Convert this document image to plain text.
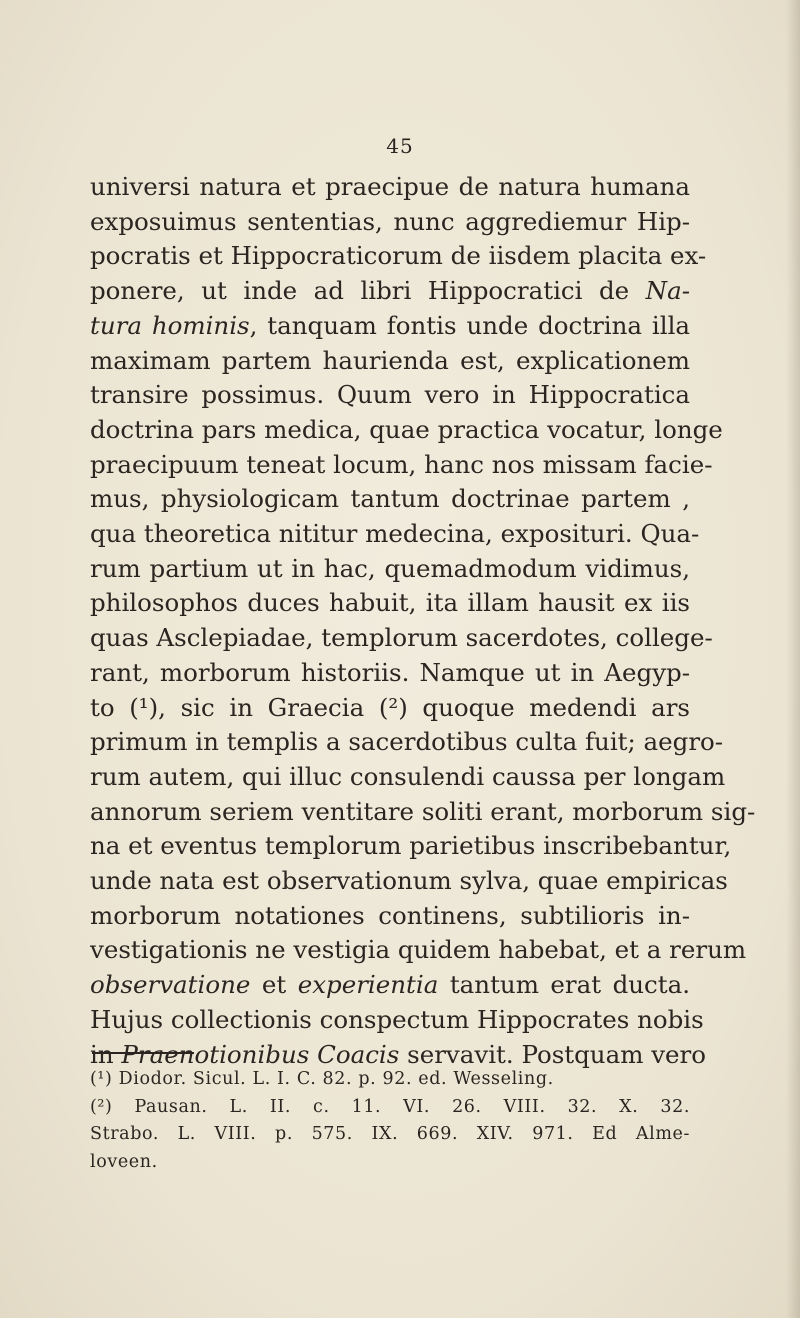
45
universi natura et praecipue de natura humana
exposuimus sententias, nunc aggrediemur Hip-
pocratis et Hippocraticorum de iisdem placita ex-
ponere, ut inde ad libri Hippocratici de Na-
tura hominis, tanquam fontis unde doctrina illa
maximam partem haurienda est, explicationem
transire possimus. Quum vero in Hippocratica
doctrina pars medica, quae practica vocatur, longe
praecipuum teneat locum, hanc nos missam facie-
mus, physiologicam tantum doctrinae partem ,
qua theoretica nititur medecina, exposituri. Qua-
rum partium ut in hac, quemadmodum vidimus,
philosophos duces habuit, ita illam hausit ex iis
quas Asclepiadae, templorum sacerdotes, college-
rant, morborum historiis. Namque ut in Aegyp-
to (¹), sic in Graecia (²) quoque medendi ars
primum in templis a sacerdotibus culta fuit; aegro-
rum autem, qui illuc consulendi caussa per longam
annorum seriem ventitare soliti erant, morborum sig-
na et eventus templorum parietibus inscribebantur,
unde nata est observationum sylva, quae empiricas
morborum notationes continens, subtilioris in-
vestigationis ne vestigia quidem habebat, et a rerum
observatione et experientia tantum erat ducta.
Hujus collectionis conspectum Hippocrates nobis
in Praenotionibus Coacis servavit. Postquam vero
(¹) Diodor. Sicul. L. I. C. 82. p. 92. ed. Wesseling.
(²) Pausan. L. II. c. 11. VI. 26. VIII. 32. X. 32.
Strabo. L. VIII. p. 575. IX. 669. XIV. 971. Ed Alme-
loveen.
